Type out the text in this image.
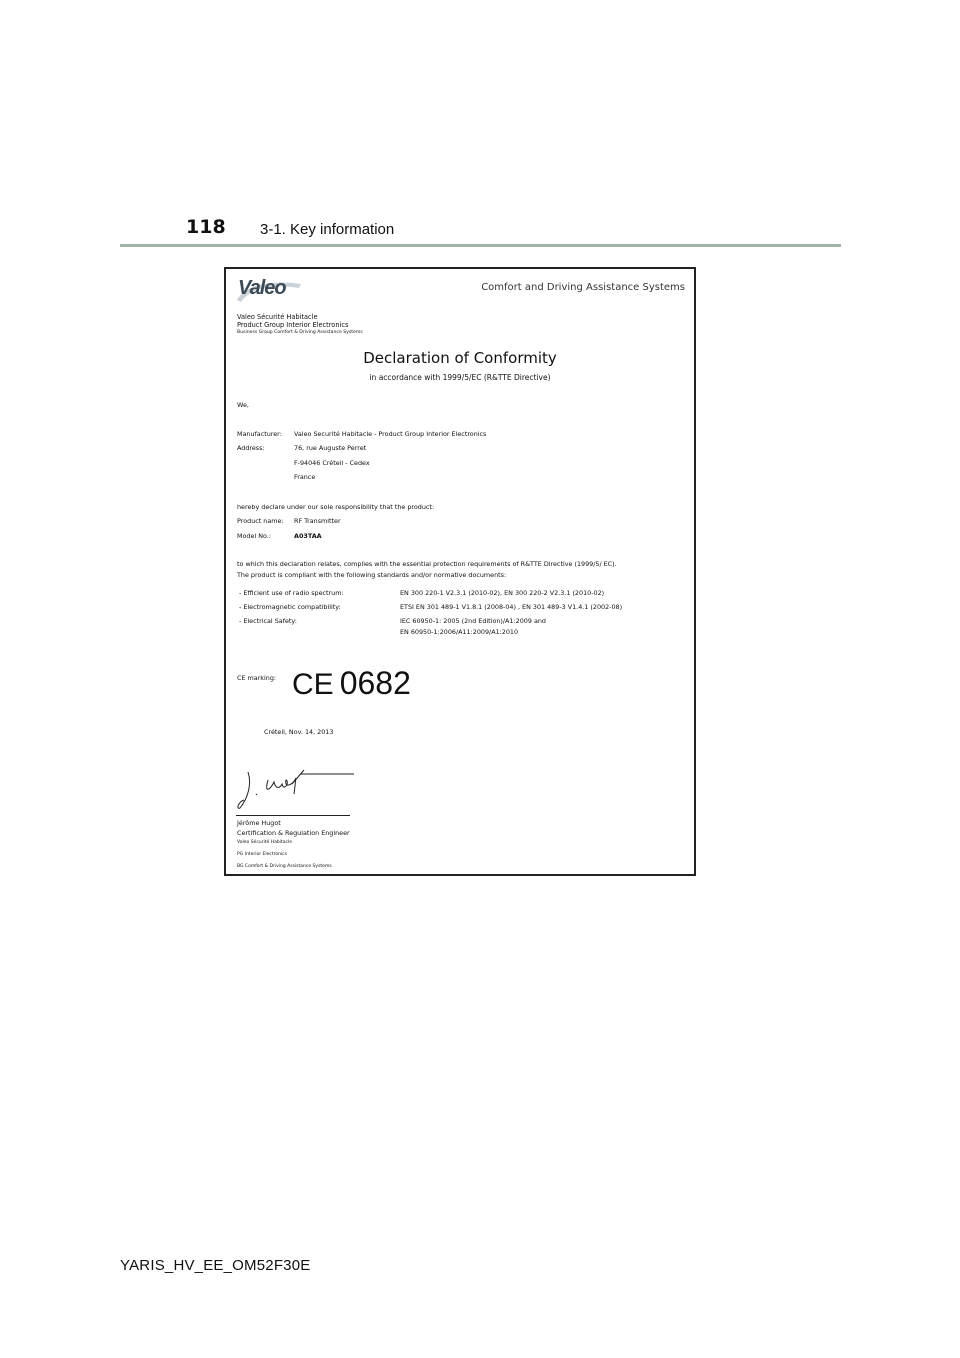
118 3-1. Key information
Valeo	Comfort and Driving Assistance Systems
Valeo Sécurité Habitacle
Product Group Interior Electronics
Business Group Comfort & Driving Assistance Systems
Declaration of Conformity
in accordance with 1999/5/EC (R&TTE Directive)
We,
Manufacturer: Valeo Securité Habitacle - Product Group Interior Electronics
Address:	76, rue Auguste Perret
F-94046 Créteil - Cedex
France
hereby declare under our sole responsibility that the product:
Product name: RF Transmitter
Model No.:	A03TAA
to which this declaration relates, complies with the essential protection requirements of R&TTE Directive (1999/5/ EC).
The product is compliant with the following standards and/or normative documents:
- Efficient use of radio spectrum:	EN 300 220-1 V2.3.1 (2010-02), EN 300 220-2 V2.3.1 (2010-02)
- Electromagnetic compatibility:	ETSI EN 301 489-1 V1.8.1 (2008-04) , EN 301 489-3 V1.4.1 (2002-08)
- Electrical Safety:	IEC 60950-1: 2005 (2nd Edition)/A1:2009 and
EN 60950-1:2006/A11:2009/A1:2010
CE marking: CE 0682
Créteil, Nov. 14, 2013
Jérôme Hugot
Certification & Regulation Engineer
Valeo Sécurité Habitacle
PG Interior Electronics
BG Comfort & Driving Assistance Systems
YARIS_HV_EE_OM52F30E
